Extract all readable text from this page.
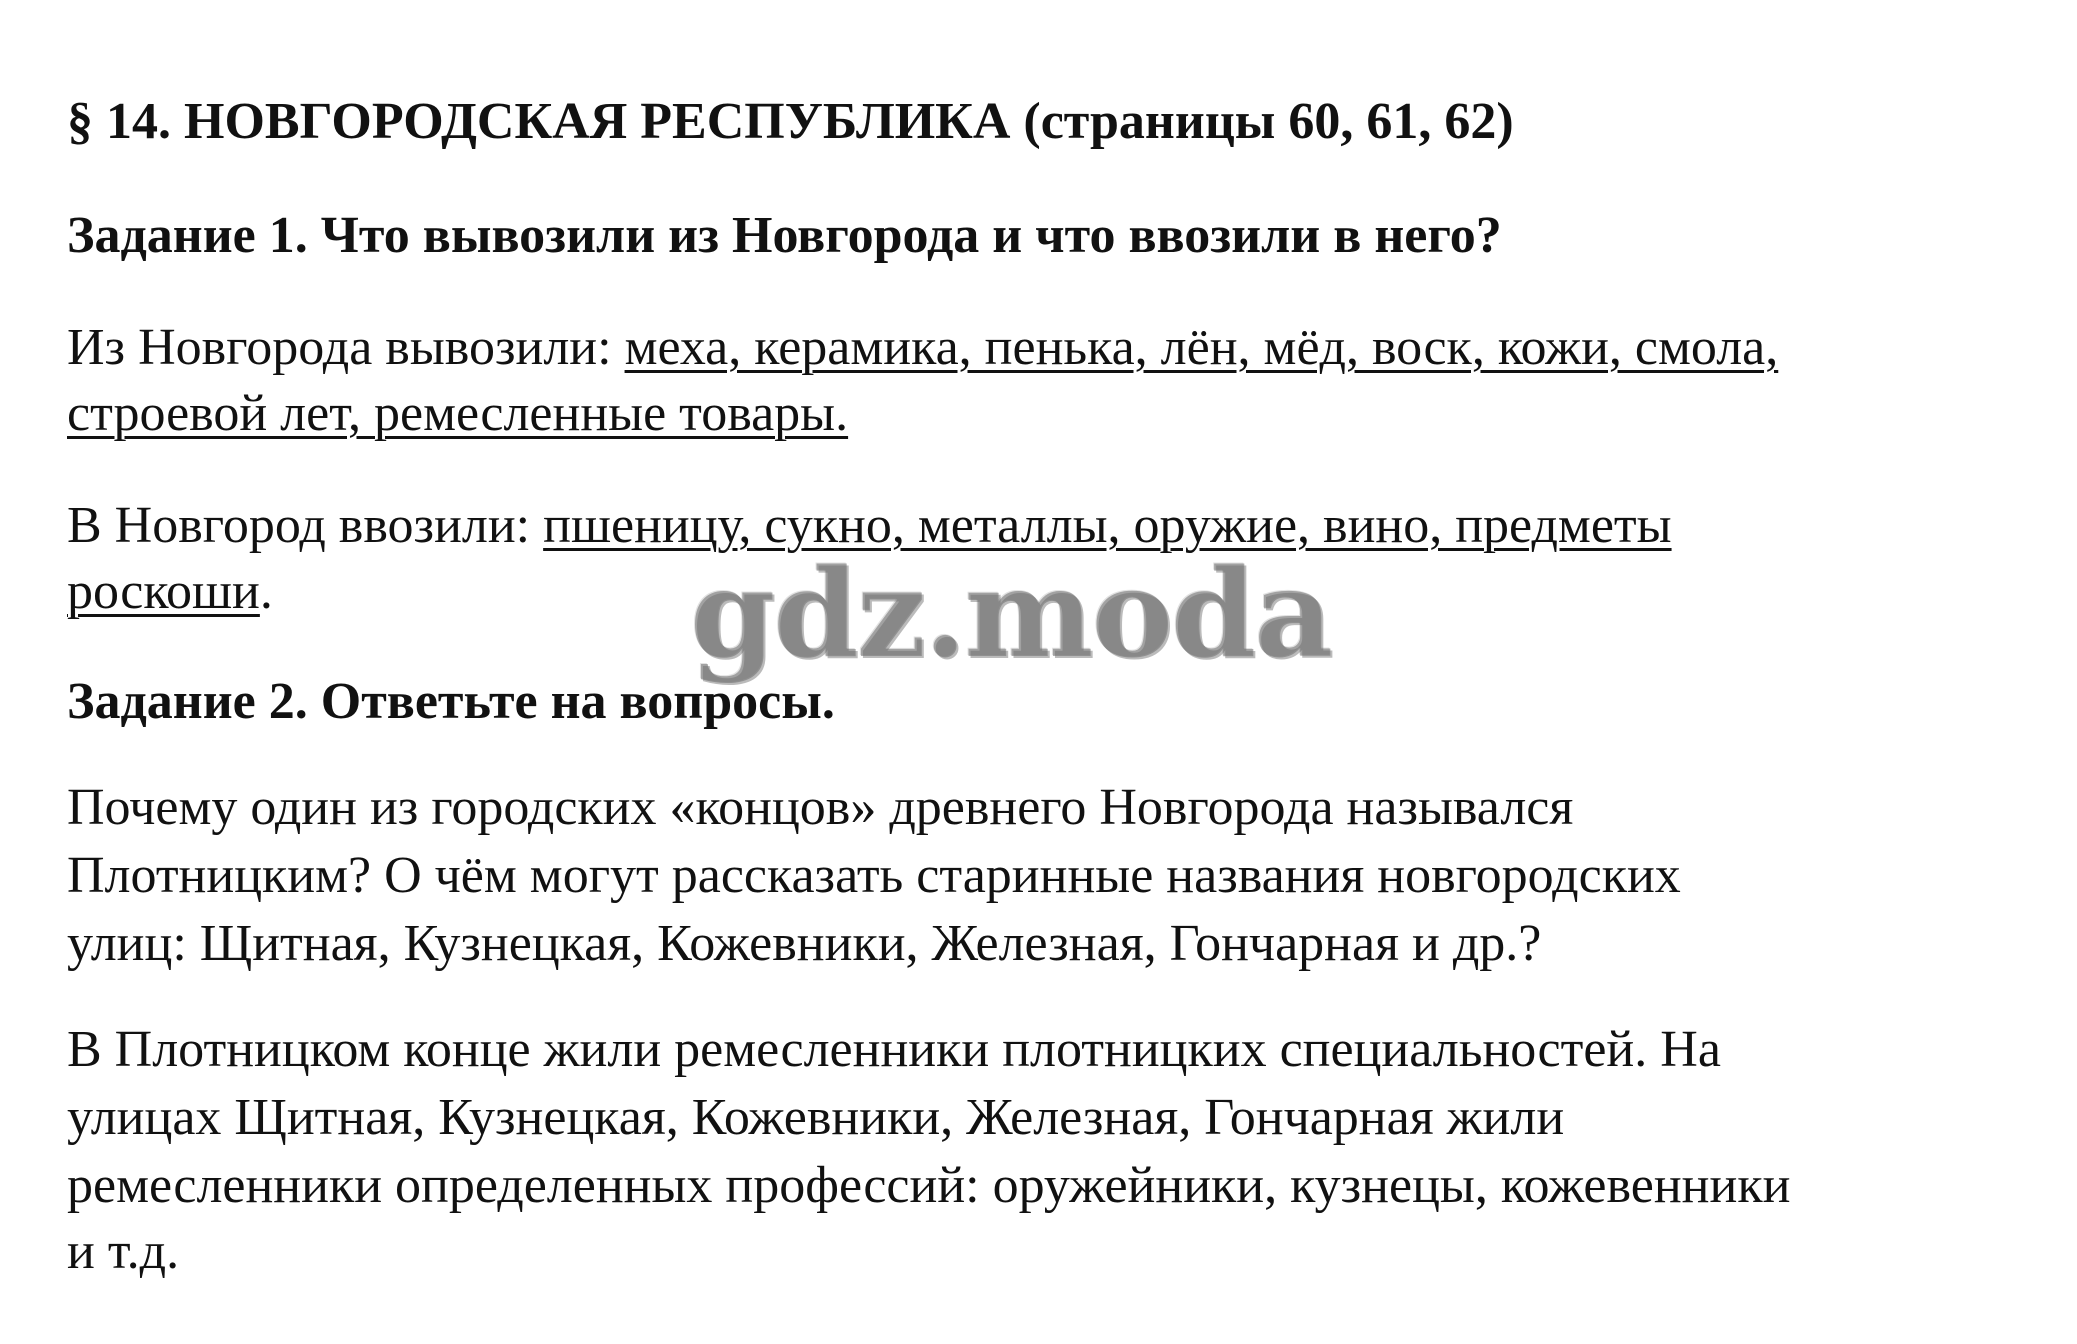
§ 14. НОВГОРОДСКАЯ РЕСПУБЛИКА (страницы 60, 61, 62)
Задание 1. Что вывозили из Новгорода и что ввозили в него?
Из Новгорода вывозили: меха, керамика, пенька, лён, мёд, воск, кожи, смола,
строевой лет, ремесленные товары.
В Новгород ввозили: пшеницу, сукно, металлы, оружие, вино, предметы
роскоши.
Задание 2. Ответьте на вопросы.
Почему один из городских «концов» древнего Новгорода назывался
Плотницким? О чём могут рассказать старинные названия новгородских
улиц: Щитная, Кузнецкая, Кожевники, Железная, Гончарная и др.?
В Плотницком конце жили ремесленники плотницких специальностей. На
улицах Щитная, Кузнецкая, Кожевники, Железная, Гончарная жили
ремесленники определенных профессий: оружейники, кузнецы, кожевенники
и т.д.
gdz.moda
